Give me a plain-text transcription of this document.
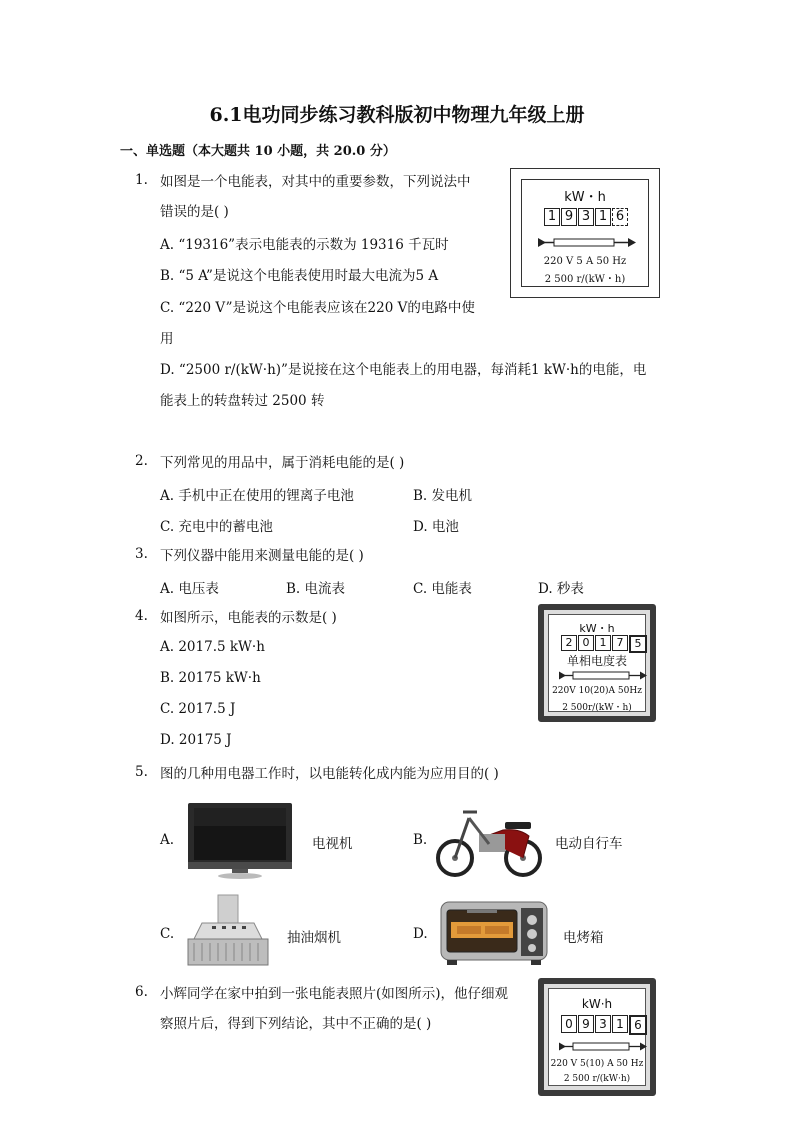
6.1电功同步练习教科版初中物理九年级上册
一、单选题（本大题共 10 小题，共 20.0 分）
1. 如图是一个电能表，对其中的重要参数，下列说法中
错误的是( )
A. “19316”表示电能表的示数为 19316 千瓦时
B. “5 A”是说这个电能表使用时最大电流为5 A
C. “220 V”是说这个电能表应该在220 V的电路中使
用
D. “2500 r/(kW·h)”是说接在这个电能表上的用电器，每消耗1 kW·h的电能，电
能表上的转盘转过 2500 转
kW・h
1 9 3 1 6
220 V 5 A 50 Hz
2 500 r/(kW・h)
2. 下列常见的用品中，属于消耗电能的是( )
A. 手机中正在使用的锂离子电池	B. 发电机
C. 充电中的蓄电池	D. 电池
3. 下列仪器中能用来测量电能的是( )
A. 电压表	B. 电流表	C. 电能表	D. 秒表
4. 如图所示，电能表的示数是( )
A. 2017.5 kW·h
B. 20175 kW·h
C. 2017.5 J
D. 20175 J
kW・h
2 0 1 7	5
单相电度表
220V 10(20)A 50Hz
2 500r/(kW・h)
5. 图的几种用电器工作时，以电能转化成内能为应用目的( )
A.	电视机	B.	电动自行车
C.	抽油烟机	D.	电烤箱
6. 小辉同学在家中拍到一张电能表照片(如图所示)，他仔细观
察照片后，得到下列结论，其中不正确的是( )
kW·h
0 9 3 1 6
220 V 5(10) A 50 Hz
2 500 r/(kW·h)
